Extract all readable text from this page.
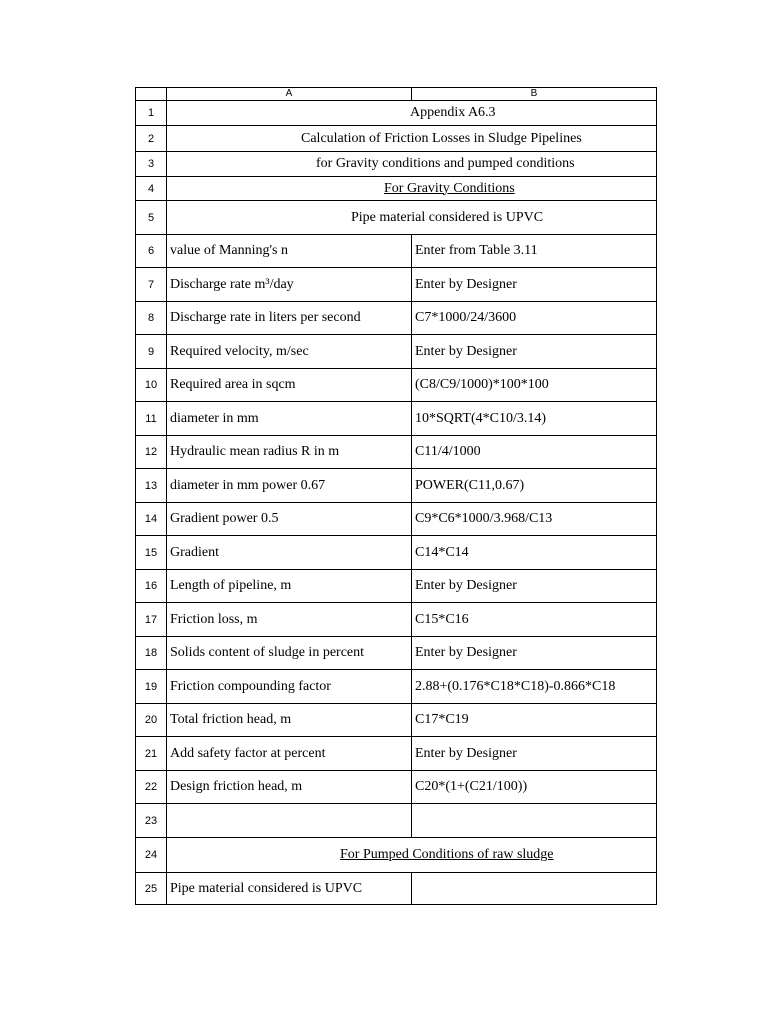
	A	B
1	Appendix A6.3	
2	Calculation of Friction Losses in Sludge Pipelines	
3	for Gravity conditions and pumped conditions	
4	For Gravity Conditions	
5	Pipe material considered is UPVC	
6	value of Manning's n	Enter from Table 3.11
7	Discharge rate m³/day	Enter by Designer
8	Discharge rate in liters per second	C7*1000/24/3600
9	Required velocity, m/sec	Enter by Designer
10	Required area in sqcm	(C8/C9/1000)*100*100
11	diameter in mm	10*SQRT(4*C10/3.14)
12	Hydraulic mean radius R in m	C11/4/1000
13	diameter in mm power 0.67	POWER(C11,0.67)
14	Gradient power 0.5	C9*C6*1000/3.968/C13
15	Gradient	C14*C14
16	Length of pipeline, m	Enter by Designer
17	Friction loss, m	C15*C16
18	Solids content of sludge in percent	Enter by Designer
19	Friction compounding factor	2.88+(0.176*C18*C18)-0.866*C18
20	Total friction head, m	C17*C19
21	Add safety factor at percent	Enter by Designer
22	Design friction head, m	C20*(1+(C21/100))
23		
24	For Pumped Conditions of raw sludge	
25	Pipe material considered is UPVC	
